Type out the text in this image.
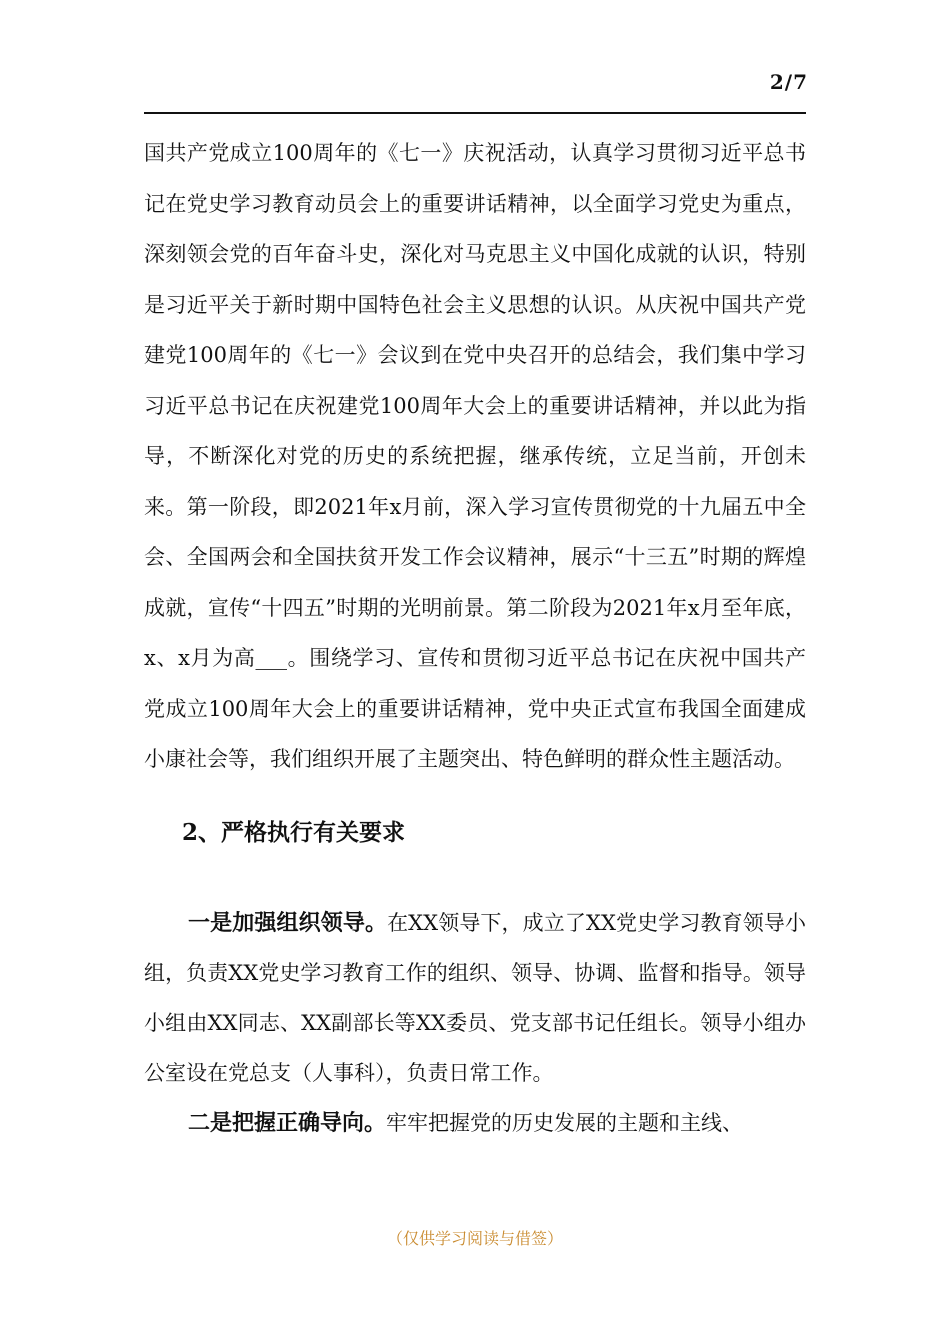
2/7

国共产党成立100周年的《七一》庆祝活动，认真学习贯彻习近平总书记在党史学习教育动员会上的重要讲话精神，以全面学习党史为重点，深刻领会党的百年奋斗史，深化对马克思主义中国化成就的认识，特别是习近平关于新时期中国特色社会主义思想的认识。从庆祝中国共产党建党100周年的《七一》会议到在党中央召开的总结会，我们集中学习习近平总书记在庆祝建党100周年大会上的重要讲话精神，并以此为指导，不断深化对党的历史的系统把握，继承传统，立足当前，开创未来。第一阶段，即2021年x月前，深入学习宣传贯彻党的十九届五中全会、全国两会和全国扶贫开发工作会议精神，展示“十三五”时期的辉煌成就，宣传“十四五”时期的光明前景。第二阶段为2021年x月至年底，x、x月为高___。围绕学习、宣传和贯彻习近平总书记在庆祝中国共产党成立100周年大会上的重要讲话精神，党中央正式宣布我国全面建成小康社会等，我们组织开展了主题突出、特色鲜明的群众性主题活动。

2、严格执行有关要求

一是加强组织领导。在XX领导下，成立了XX党史学习教育领导小组，负责XX党史学习教育工作的组织、领导、协调、监督和指导。领导小组由XX同志、XX副部长等XX委员、党支部书记任组长。领导小组办公室设在党总支（人事科），负责日常工作。

二是把握正确导向。牢牢把握党的历史发展的主题和主线、

（仅供学习阅读与借签）
